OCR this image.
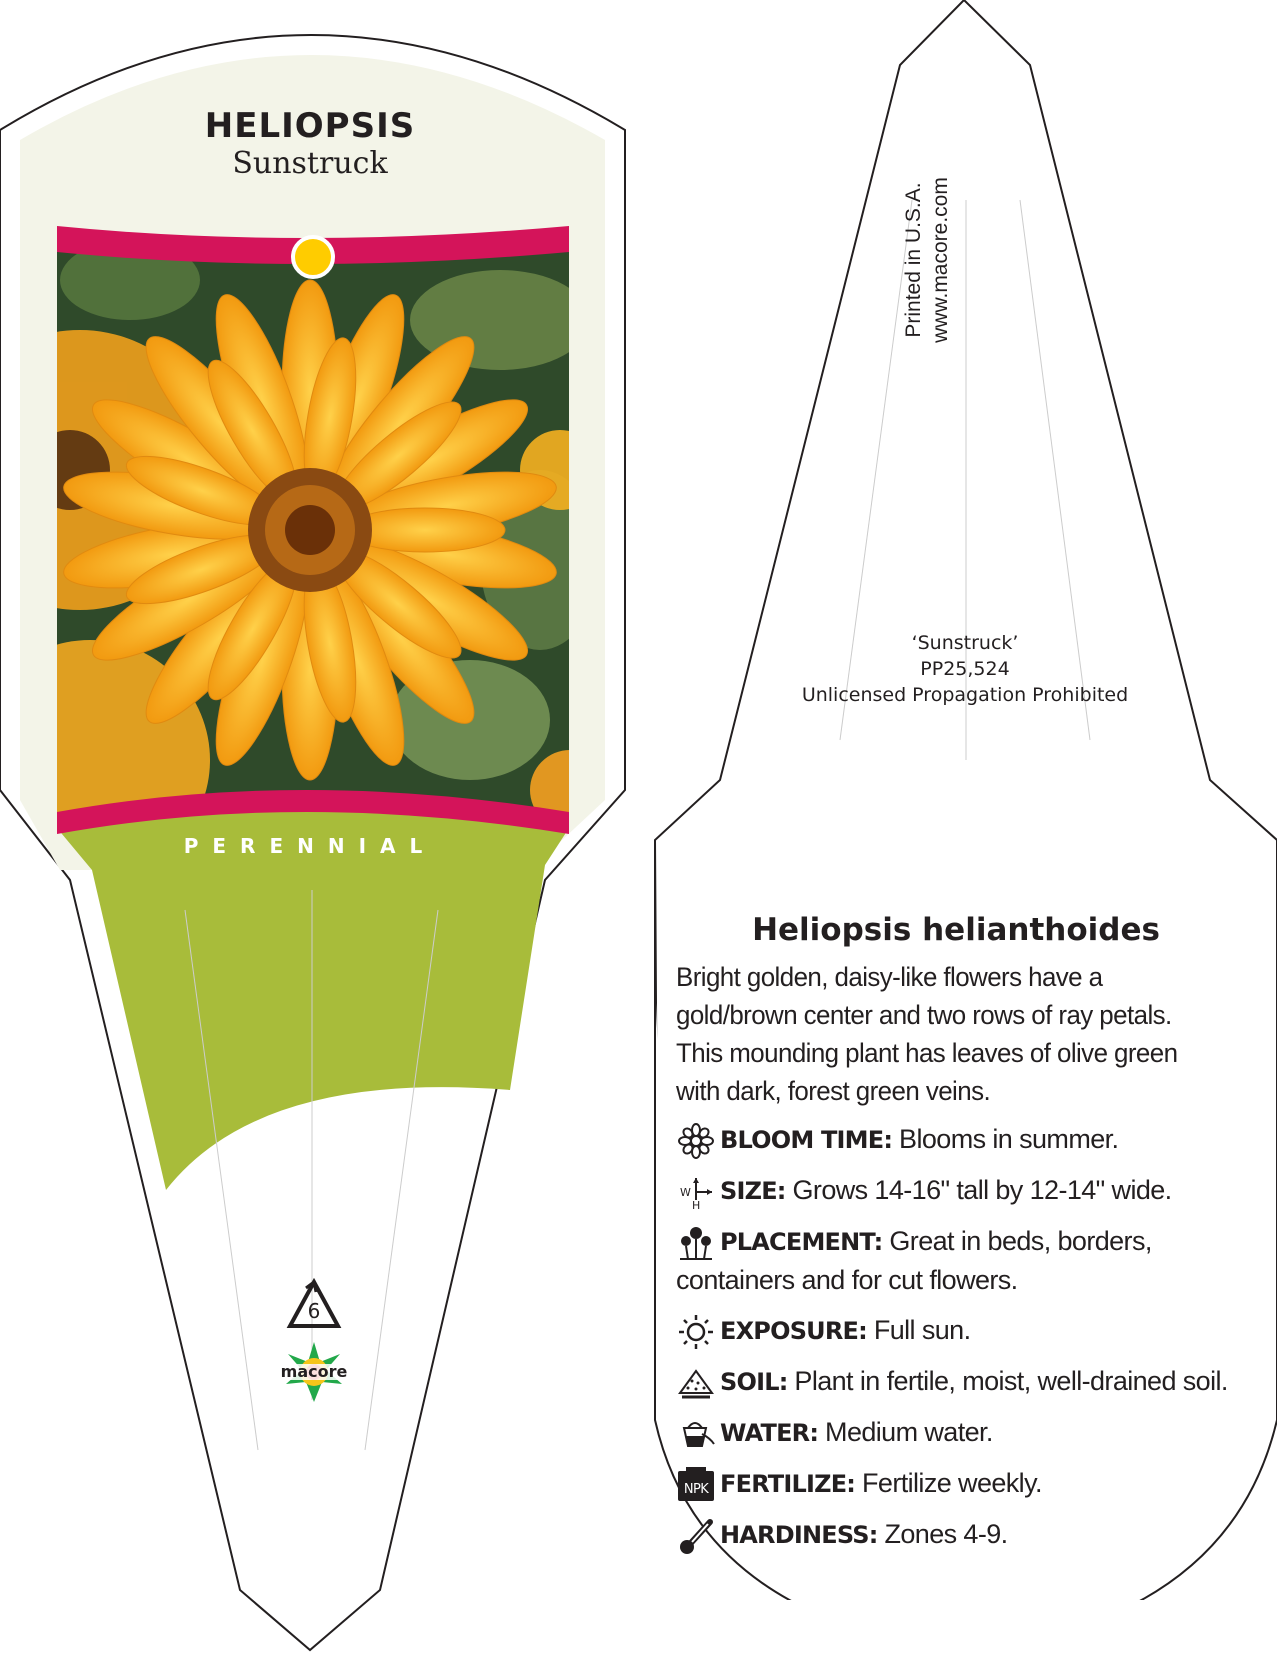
HELIOPSIS
Sunstruck
PERENNIAL
6
macore
Printed in U.S.A. www.macore.com
‘Sunstruck’
PP25,524
Unlicensed Propagation Prohibited
Heliopsis helianthoides
Bright golden, daisy-like flowers have a gold/brown center and two rows of ray petals. This mounding plant has leaves of olive green with dark, forest green veins.
BLOOM TIME: Blooms in summer.
W
H
SIZE: Grows 14-16" tall by 12-14" wide.
PLACEMENT: Great in beds, borders, containers and for cut flowers.
EXPOSURE: Full sun.
SOIL: Plant in fertile, moist, well-drained soil.
WATER: Medium water.
NPK FERTILIZE: Fertilize weekly.
HARDINESS: Zones 4-9.
